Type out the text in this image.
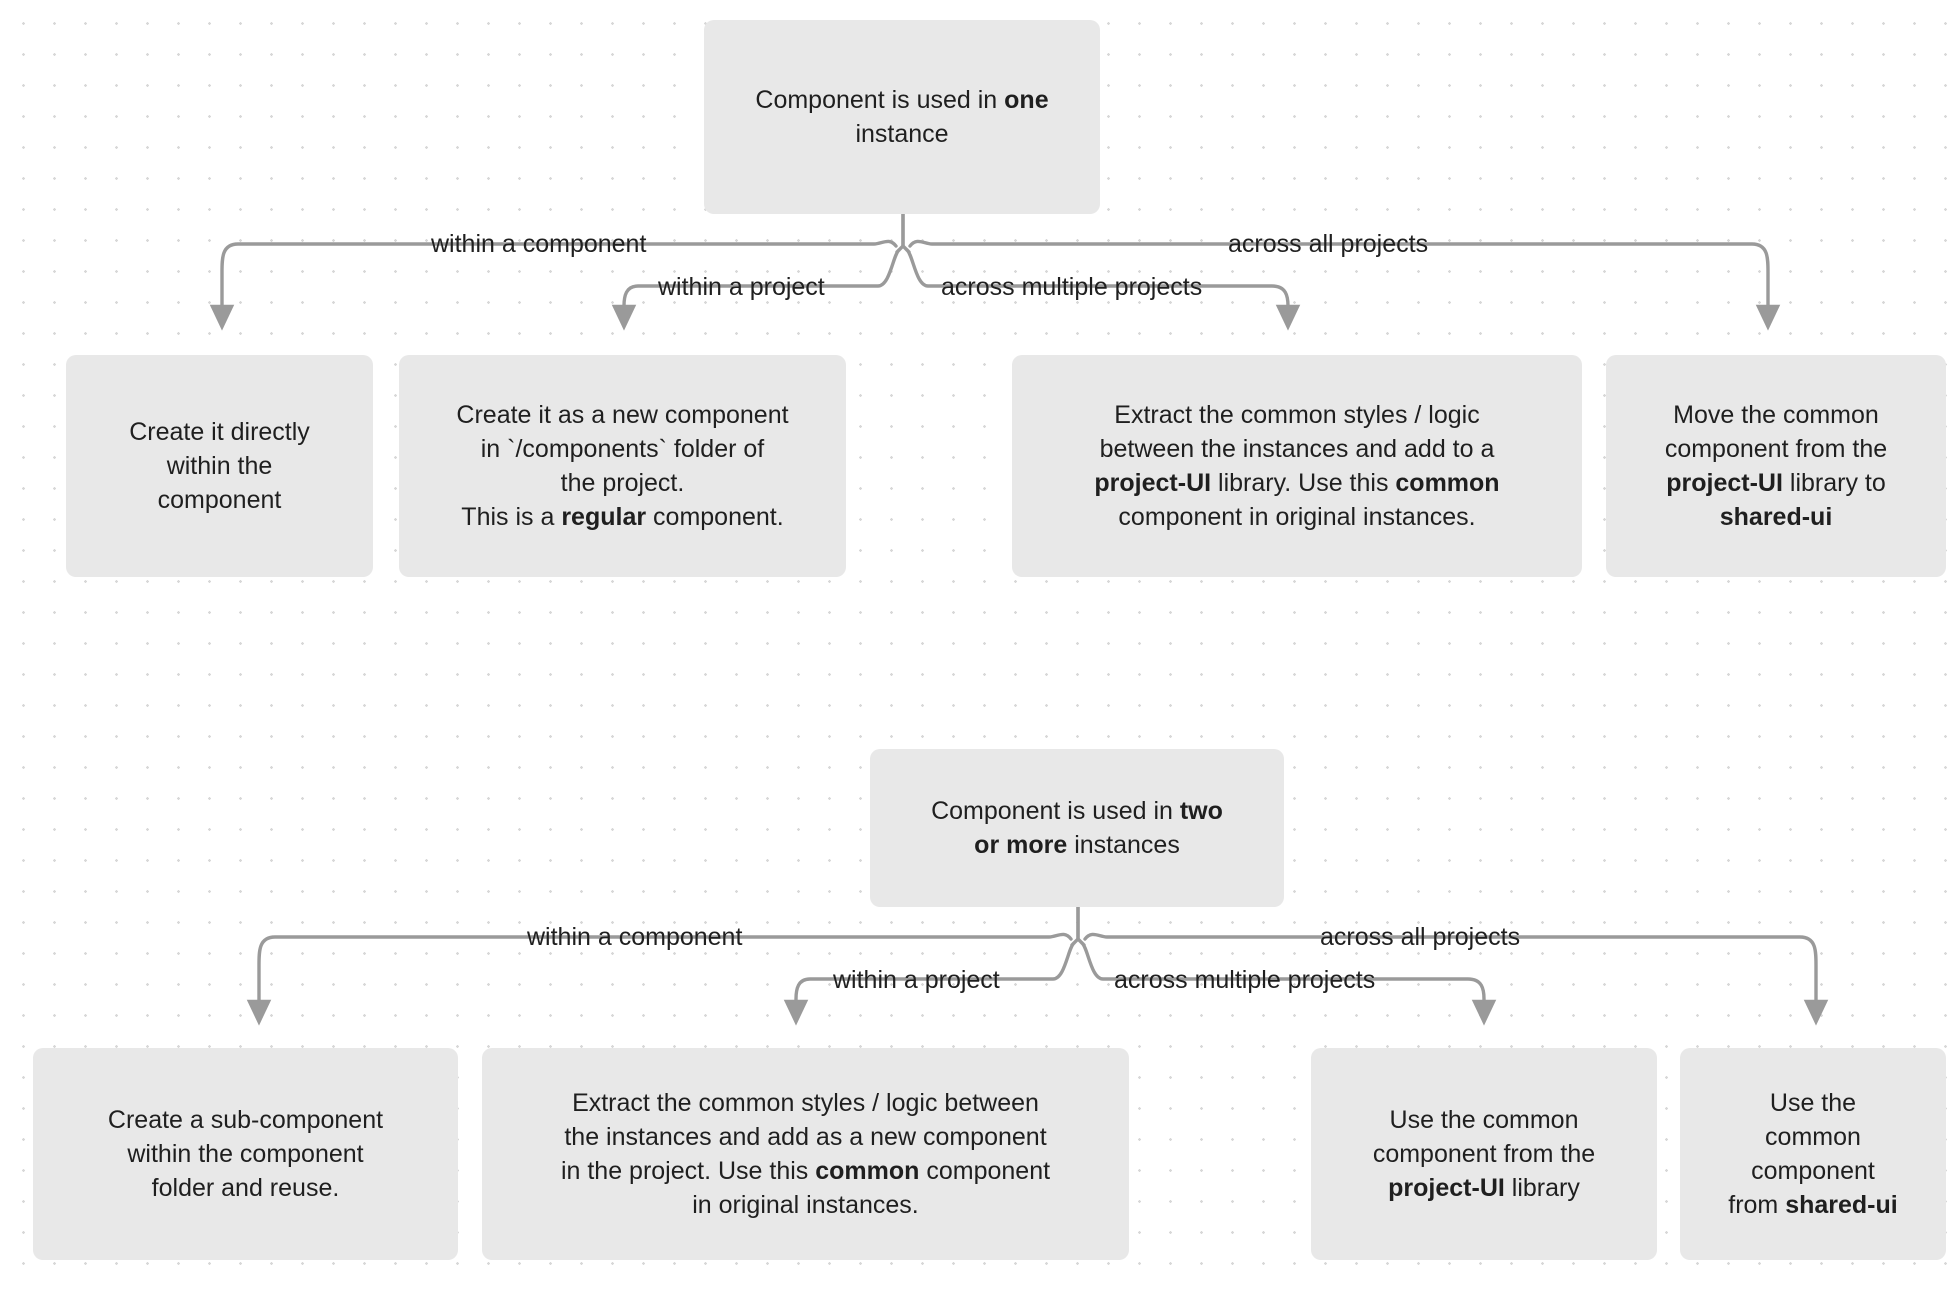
Component is used in one instance
within a component
within a project	across multiple projects
across all projects
Create it directly
within the
component
Create it as a new component
in `/components` folder of
the project.
This is a regular component.
Extract the common styles / logic
between the instances and add to a
project-UI library. Use this common
component in original instances.
Move the common
component from the
project-UI library to
shared-ui
Component is used in two
or more instances
within a component
within a project	across multiple projects
across all projects
Create a sub-component
within the component
folder and reuse.
Extract the common styles / logic between
the instances and add as a new component
in the project. Use this common component
in original instances.
Use the common
component from the
project-UI library
Use the
common
component
from shared-ui
